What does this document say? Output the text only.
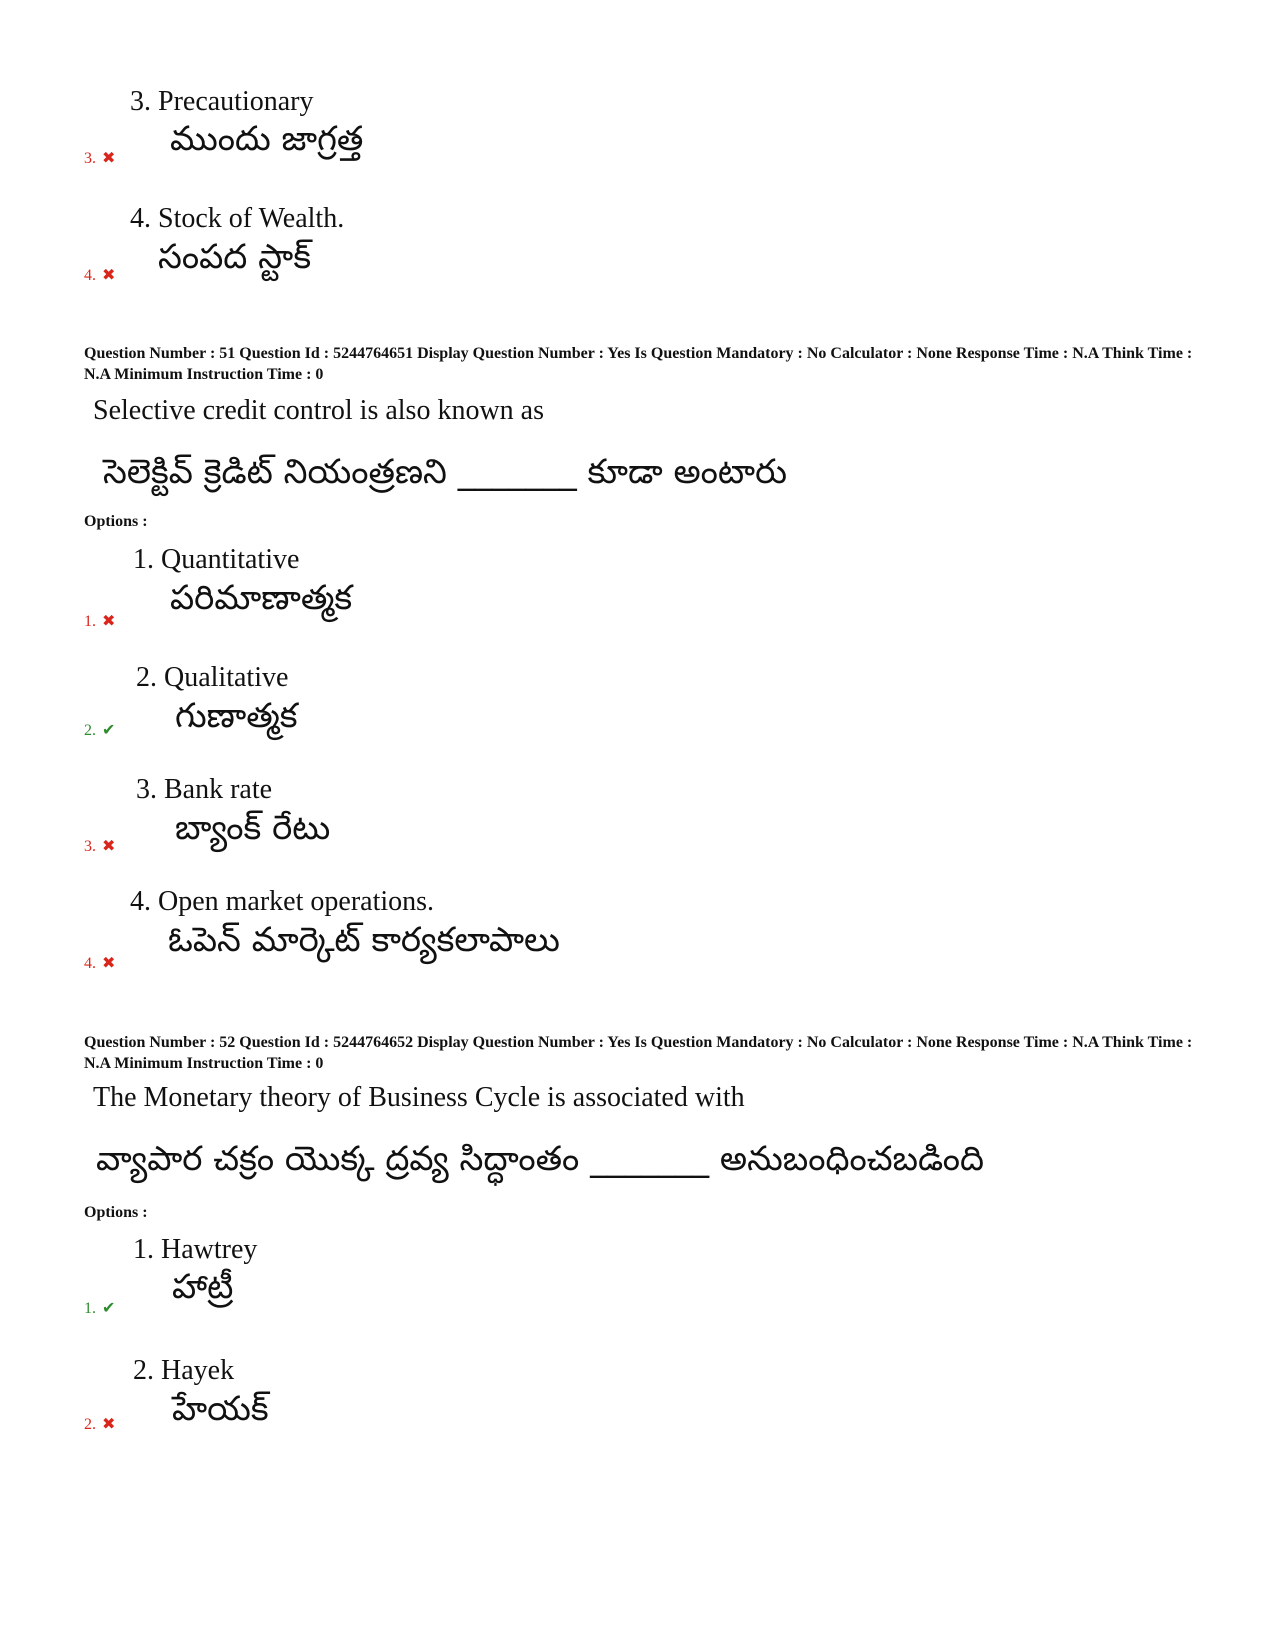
3. Precautionary
ముందు జాగ్రత్త
3. ✖
4. Stock of Wealth.
సంపద స్టాక్
4. ✖
Question Number : 51 Question Id : 5244764651 Display Question Number : Yes Is Question Mandatory : No Calculator : None Response Time : N.A Think Time : N.A Minimum Instruction Time : 0
Selective credit control is also known as
సెలెక్టివ్ క్రెడిట్ నియంత్రణని _______ కూడా అంటారు
Options :
1. Quantitative
పరిమాణాత్మక
1. ✖
2. Qualitative
గుణాత్మక
2. ✔
3. Bank rate
బ్యాంక్ రేటు
3. ✖
4. Open market operations.
ఓపెన్ మార్కెట్ కార్యకలాపాలు
4. ✖
Question Number : 52 Question Id : 5244764652 Display Question Number : Yes Is Question Mandatory : No Calculator : None Response Time : N.A Think Time : N.A Minimum Instruction Time : 0
The Monetary theory of Business Cycle is associated with
వ్యాపార చక్రం యొక్క ద్రవ్య సిద్ధాంతం _______ అనుబంధించబడింది
Options :
1. Hawtrey
హాట్రీ
1. ✔
2. Hayek
హేయక్
2. ✖
